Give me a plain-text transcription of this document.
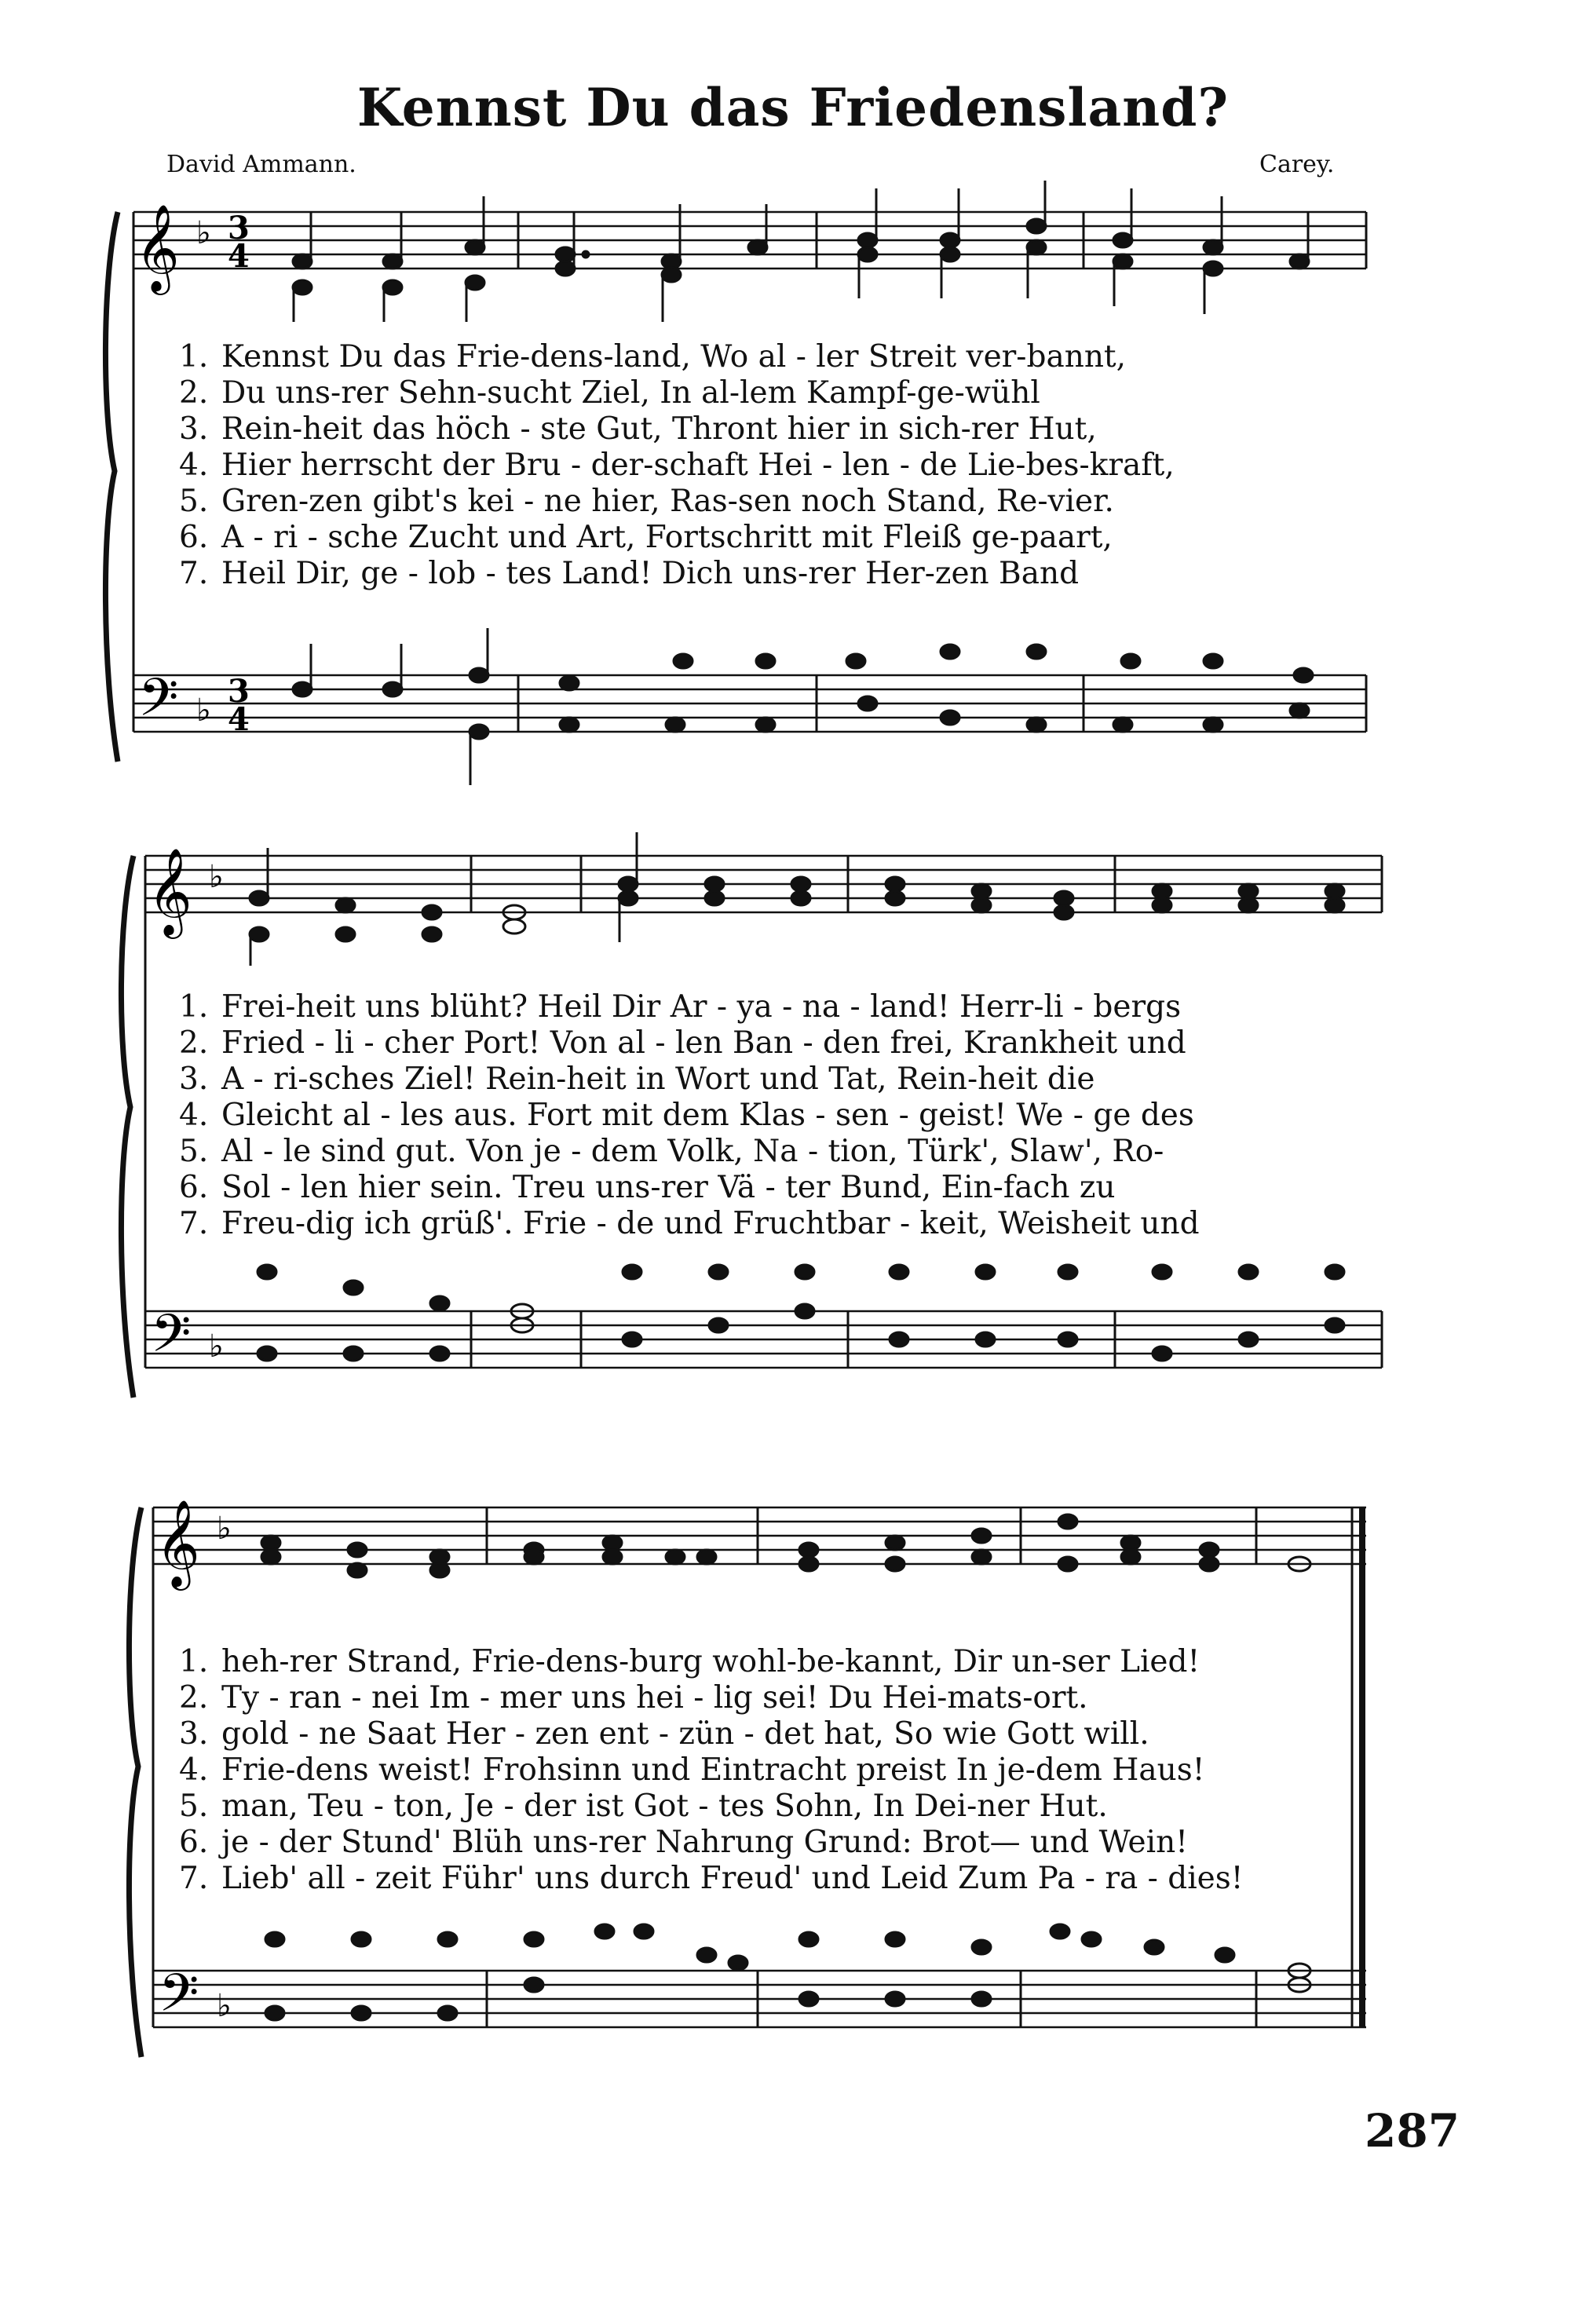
Kennst Du das Friedensland?
David Ammann.	Carey.
𝄞
𝄢
♭
♭
3
4
3
4
1. Kennst Du das Frie-dens-land, Wo al - ler Streit ver-bannt,
2. Du uns-rer Sehn-sucht Ziel, In al-lem Kampf-ge-wühl
3. Rein-heit das höch - ste Gut, Thront hier in sich-rer Hut,
4. Hier herrscht der Bru - der-schaft Hei - len - de Lie-bes-kraft,
5. Gren-zen gibt's kei - ne hier, Ras-sen noch Stand, Re-vier.
6. A - ri - sche Zucht und Art, Fortschritt mit Fleiß ge-paart,
7. Heil Dir, ge - lob - tes Land! Dich uns-rer Her-zen Band
𝄞
𝄢
♭
♭
1. Frei-heit uns blüht? Heil Dir Ar - ya - na - land! Herr-li - bergs
2. Fried - li - cher Port! Von al - len Ban - den frei, Krankheit und
3. A - ri-sches Ziel! Rein-heit in Wort und Tat, Rein-heit die
4. Gleicht al - les aus. Fort mit dem Klas - sen - geist! We - ge des
5. Al - le sind gut. Von je - dem Volk, Na - tion, Türk', Slaw', Ro-
6. Sol - len hier sein. Treu uns-rer Vä - ter Bund, Ein-fach zu
7. Freu-dig ich grüß'. Frie - de und Fruchtbar - keit, Weisheit und
𝄞
𝄢
♭
♭
1. heh-rer Strand, Frie-dens-burg wohl-be-kannt, Dir un-ser Lied!
2. Ty - ran - nei Im - mer uns hei - lig sei! Du Hei-mats-ort.
3. gold - ne Saat Her - zen ent - zün - det hat, So wie Gott will.
4. Frie-dens weist! Frohsinn und Eintracht preist In je-dem Haus!
5. man, Teu - ton, Je - der ist Got - tes Sohn, In Dei-ner Hut.
6. je - der Stund' Blüh uns-rer Nahrung Grund: Brot— und Wein!
7. Lieb' all - zeit Führ' uns durch Freud' und Leid Zum Pa - ra - dies!
287
